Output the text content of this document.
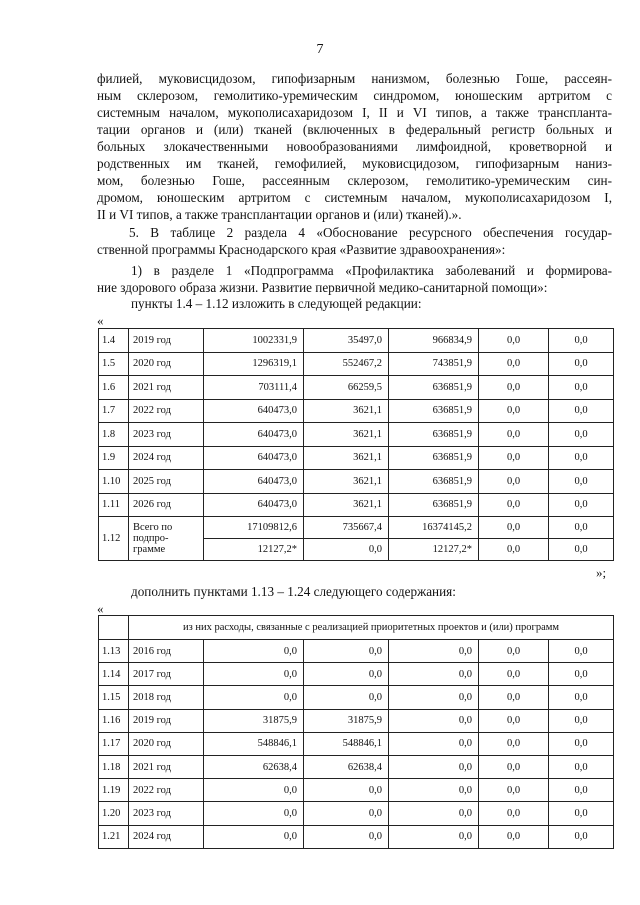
7
филией, муковисцидозом, гипофизарным нанизмом, болезнью Гоше, рассеян-
ным склерозом, гемолитико-уремическим синдромом, юношеским артритом с
системным началом, мукополисахаридозом I, II и VI типов, а также транспланта-
тации органов и (или) тканей (включенных в федеральный регистр больных и
больных злокачественными новообразованиями лимфоидной, кроветворной и
родственных им тканей, гемофилией, муковисцидозом, гипофизарным наниз-
мом, болезнью Гоше, рассеянным склерозом, гемолитико-уремическим син-
дромом, юношеским артритом с системным началом, мукополисахаридозом I,
II и VI типов, а также трансплантации органов и (или) тканей).».
5. В таблице 2 раздела 4 «Обоснование ресурсного обеспечения государ-
ственной программы Краснодарского края «Развитие здравоохранения»:
1) в разделе 1 «Подпрограмма «Профилактика заболеваний и формирова-
ние здорового образа жизни. Развитие первичной медико-санитарной помощи»:
пункты 1.4 – 1.12 изложить в следующей редакции:
«
1.4	2019 год	1002331,9	35497,0	966834,9	0,0	0,0
1.5	2020 год	1296319,1	552467,2	743851,9	0,0	0,0
1.6	2021 год	703111,4	66259,5	636851,9	0,0	0,0
1.7	2022 год	640473,0	3621,1	636851,9	0,0	0,0
1.8	2023 год	640473,0	3621,1	636851,9	0,0	0,0
1.9	2024 год	640473,0	3621,1	636851,9	0,0	0,0
1.10	2025 год	640473,0	3621,1	636851,9	0,0	0,0
1.11	2026 год	640473,0	3621,1	636851,9	0,0	0,0
1.12	Всего по
подпро-
грамме	17109812,6	735667,4	16374145,2	0,0	0,0
		12127,2*	0,0	12127,2*	0,0	0,0
»;
дополнить пунктами 1.13 – 1.24 следующего содержания:
«
	из них расходы, связанные с реализацией приоритетных проектов и (или) программ					
1.13	2016 год	0,0	0,0	0,0	0,0	0,0
1.14	2017 год	0,0	0,0	0,0	0,0	0,0
1.15	2018 год	0,0	0,0	0,0	0,0	0,0
1.16	2019 год	31875,9	31875,9	0,0	0,0	0,0
1.17	2020 год	548846,1	548846,1	0,0	0,0	0,0
1.18	2021 год	62638,4	62638,4	0,0	0,0	0,0
1.19	2022 год	0,0	0,0	0,0	0,0	0,0
1.20	2023 год	0,0	0,0	0,0	0,0	0,0
1.21	2024 год	0,0	0,0	0,0	0,0	0,0
